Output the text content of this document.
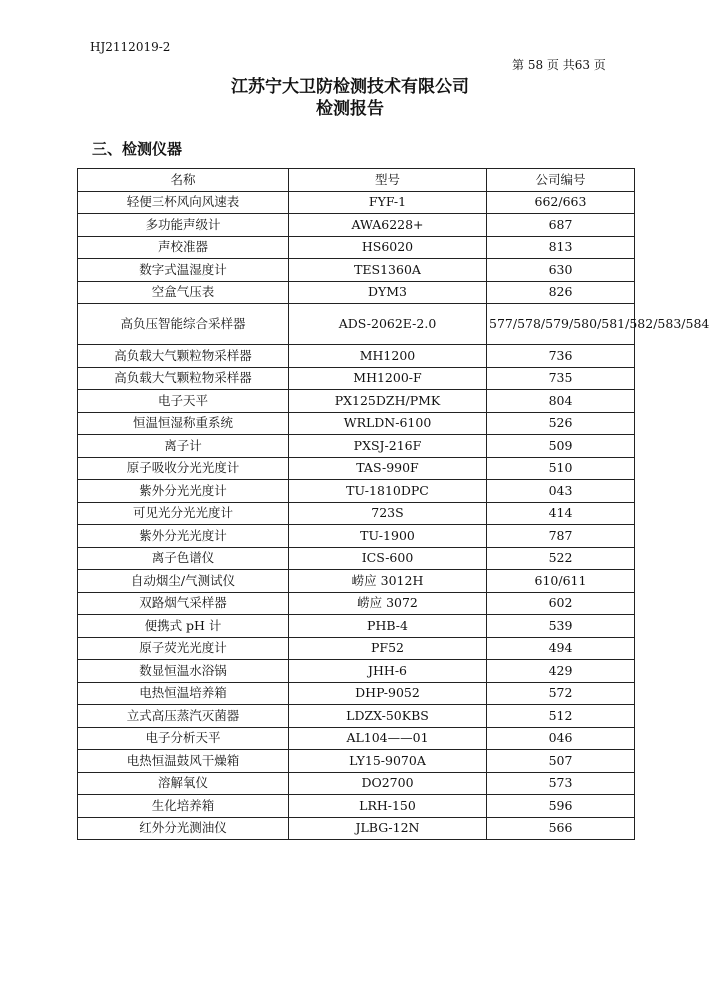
HJ2112019-2
第 58 页 共63 页
江苏宁大卫防检测技术有限公司
检测报告
三、检测仪器
名称	型号	公司编号
轻便三杯风向风速表	FYF-1	662/663
多功能声级计	AWA6228+	687
声校准器	HS6020	813
数字式温湿度计	TES1360A	630
空盒气压表	DYM3	826
高负压智能综合采样器	ADS-2062E-2.0	577/578/579/580/581/582/583/584
高负载大气颗粒物采样器	MH1200	736
高负载大气颗粒物采样器	MH1200-F	735
电子天平	PX125DZH/PMK	804
恒温恒湿称重系统	WRLDN-6100	526
离子计	PXSJ-216F	509
原子吸收分光光度计	TAS-990F	510
紫外分光光度计	TU-1810DPC	043
可见光分光光度计	723S	414
紫外分光光度计	TU-1900	787
离子色谱仪	ICS-600	522
自动烟尘/气测试仪	崂应 3012H	610/611
双路烟气采样器	崂应 3072	602
便携式 pH 计	PHB-4	539
原子荧光光度计	PF52	494
数显恒温水浴锅	JHH-6	429
电热恒温培养箱	DHP-9052	572
立式高压蒸汽灭菌器	LDZX-50KBS	512
电子分析天平	AL104——01	046
电热恒温鼓风干燥箱	LY15-9070A	507
溶解氧仪	DO2700	573
生化培养箱	LRH-150	596
红外分光测油仪	JLBG-12N	566
